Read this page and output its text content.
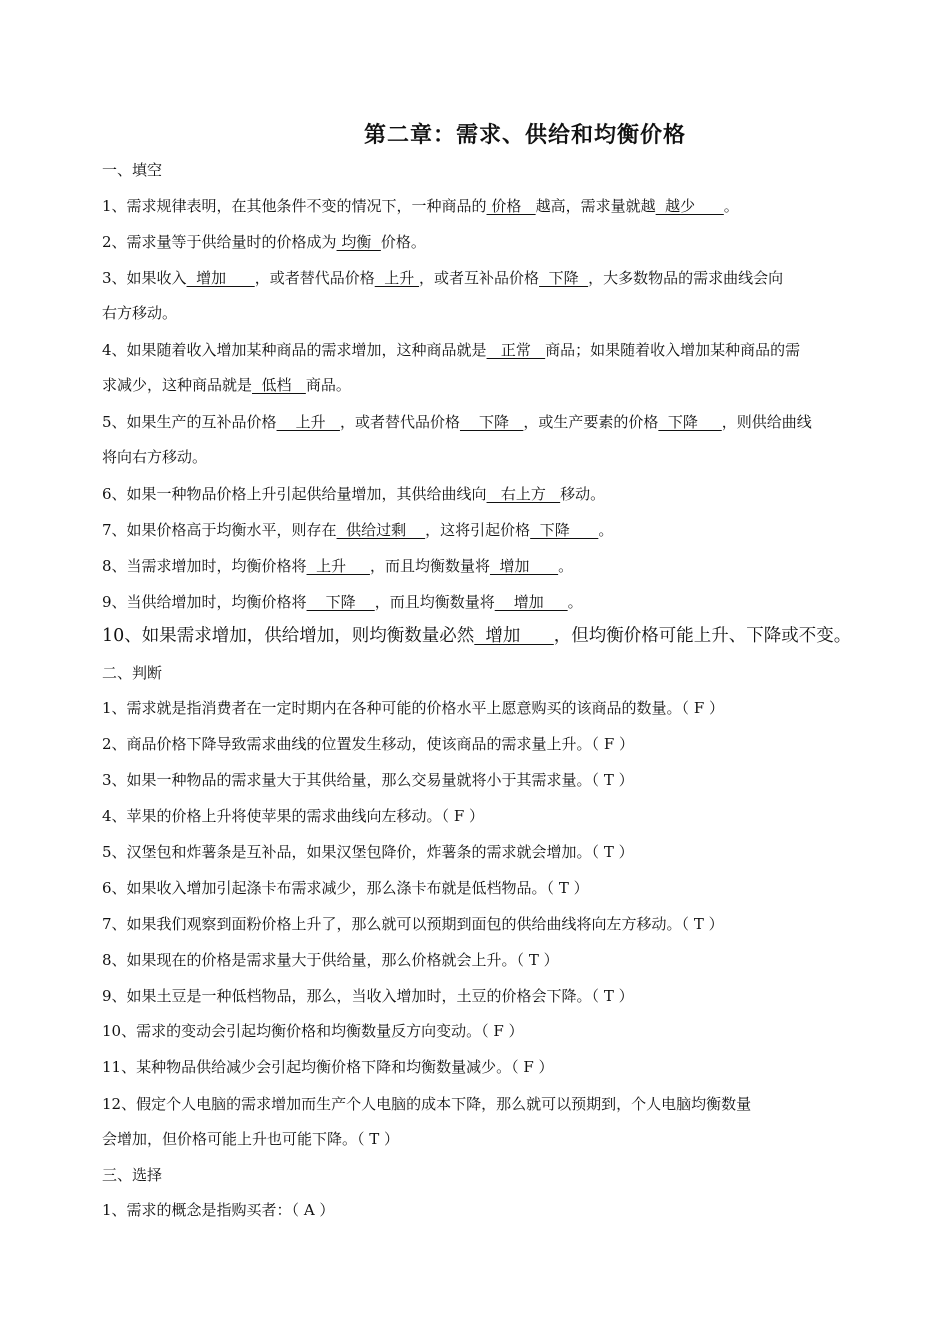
第二章：需求、供给和均衡价格
一、填空
1、需求规律表明，在其他条件不变的情况下，一种商品的 价格   越高，需求量就越  越少      。
2、需求量等于供给量时的价格成为 均衡  价格。
3、如果收入  增加      ，或者替代品价格  上升 ，或者互补品价格  下降  ，大多数物品的需求曲线会向
右方移动。
4、如果随着收入增加某种商品的需求增加，这种商品就是   正常   商品；如果随着收入增加某种商品的需
求减少，这种商品就是  低档   商品。
5、如果生产的互补品价格    上升   ，或者替代品价格    下降   ，或生产要素的价格  下降     ，则供给曲线
将向右方移动。
6、如果一种物品价格上升引起供给量增加，其供给曲线向   右上方   移动。
7、如果价格高于均衡水平，则存在  供给过剩    ，这将引起价格  下降      。
8、当需求增加时，均衡价格将  上升     ，而且均衡数量将  增加      。
9、当供给增加时，均衡价格将    下降    ，而且均衡数量将    增加     。
10、如果需求增加，供给增加，则均衡数量必然  增加      ，但均衡价格可能上升、下降或不变。
二、判断
1、需求就是指消费者在一定时期内在各种可能的价格水平上愿意购买的该商品的数量。（ F ）
2、商品价格下降导致需求曲线的位置发生移动，使该商品的需求量上升。（ F ）
3、如果一种物品的需求量大于其供给量，那么交易量就将小于其需求量。（ T ）
4、苹果的价格上升将使苹果的需求曲线向左移动。（ F ）
5、汉堡包和炸薯条是互补品，如果汉堡包降价，炸薯条的需求就会增加。（ T ）
6、如果收入增加引起涤卡布需求减少，那么涤卡布就是低档物品。（ T ）
7、如果我们观察到面粉价格上升了，那么就可以预期到面包的供给曲线将向左方移动。（ T ）
8、如果现在的价格是需求量大于供给量，那么价格就会上升。（ T ）
9、如果土豆是一种低档物品，那么，当收入增加时，土豆的价格会下降。（ T ）
10、需求的变动会引起均衡价格和均衡数量反方向变动。（ F ）
11、某种物品供给减少会引起均衡价格下降和均衡数量减少。（ F ）
12、假定个人电脑的需求增加而生产个人电脑的成本下降，那么就可以预期到，个人电脑均衡数量
会增加，但价格可能上升也可能下降。（ T ）
三、选择
1、需求的概念是指购买者：（ A ）
